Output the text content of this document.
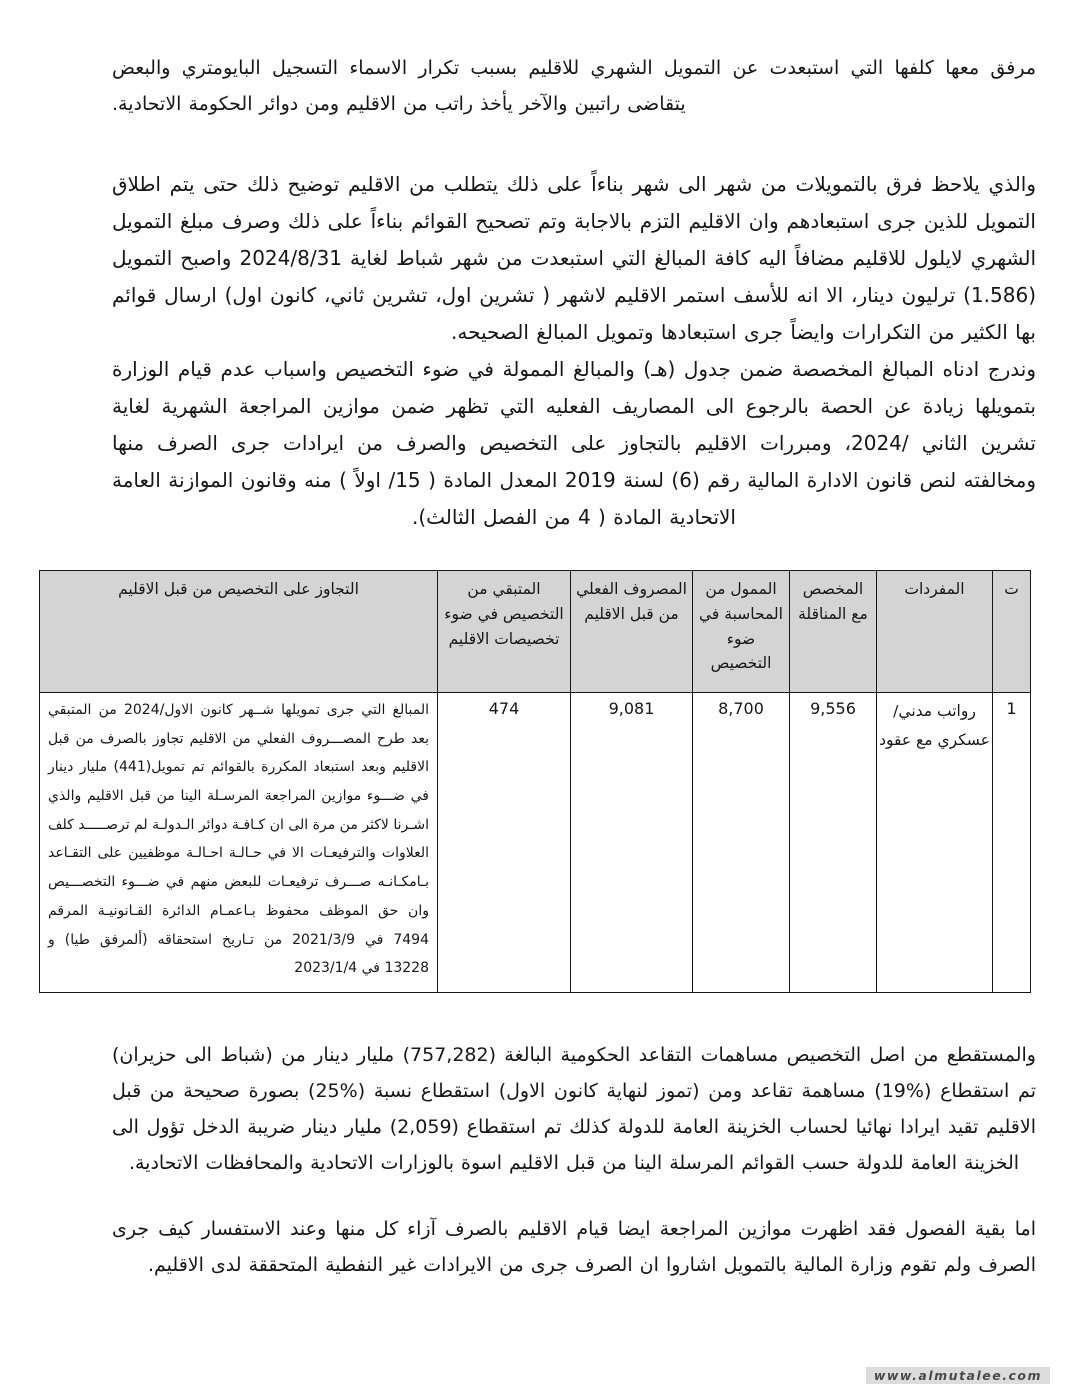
مرفق معها كلفها التي استبعدت عن التمويل الشهري للاقليم بسبب تكرار الاسماء التسجيل البايومتري والبعض يتقاضى راتبين والآخر يأخذ راتب من الاقليم ومن دوائر الحكومة الاتحادية.

والذي يلاحظ فرق بالتمويلات من شهر الى شهر بناءاً على ذلك يتطلب من الاقليم توضيح ذلك حتى يتم اطلاق التمويل للذين جرى استبعادهم وان الاقليم التزم بالاجابة وتم تصحيح القوائم بناءاً على ذلك وصرف مبلغ التمويل الشهري لايلول للاقليم مضافاً اليه كافة المبالغ التي استبعدت من شهر شباط لغاية 2024/8/31 واصبح التمويل (1.586) ترليون دينار، الا انه للأسف استمر الاقليم لاشهر ( تشرين اول، تشرين ثاني، كانون اول) ارسال قوائم بها الكثير من التكرارات وايضاً جرى استبعادها وتمويل المبالغ الصحيحه.

وندرج ادناه المبالغ المخصصة ضمن جدول (هـ) والمبالغ الممولة في ضوء التخصيص واسباب عدم قيام الوزارة بتمويلها زيادة عن الحصة بالرجوع الى المصاريف الفعليه التي تظهر ضمن موازين المراجعة الشهرية لغاية تشرين الثاني /2024، ومبررات الاقليم بالتجاوز على التخصيص والصرف من ايرادات جرى الصرف منها ومخالفته لنص قانون الادارة المالية رقم (6) لسنة 2019 المعدل المادة ( 15/ اولاً ) منه وقانون الموازنة العامة الاتحادية المادة ( 4 من الفصل الثالث).

ت	المفردات	المخصص مع المناقلة	الممول من المحاسبة في ضوء التخصيص	المصروف الفعلي من قبل الاقليم	المتبقي من التخصيص في ضوء تخصيصات الاقليم	التجاوز على التخصيص من قبل الاقليم
1	رواتب مدني/عسكري مع عقود	9,556	8,700	9,081	474	المبالغ التي جرى تمويلها شــهر كانون الاول/2024 من المتبقي بعد طرح المصـــروف الفعلي من الاقليم تجاوز بالصرف من قبل الاقليم وبعد استبعاد المكررة بالقوائم تم تمويل(441) مليار دينار في ضـــوء موازين المراجعة المرسـلة الينا من قبل الاقليم والذي اشـرنا لاكثر من مرة الى ان كـافـة دوائر الـدولـة لم ترصـــــد كلف العلاوات والترفيعـات الا في حـالـة احـالـة موظفيين على التقـاعد بـامكـانـه صـــرف ترفيعـات للبعض منهم في ضـــوء التخصـــيص وان حق الموظف محفوظ بـاعمـام الدائرة القـانونيـة المرقم 7494 في 2021/3/9 من تـاريخ استحقاقه (ألمرفق طيا) و 13228 في 2023/1/4

والمستقطع من اصل التخصيص مساهمات التقاعد الحكومية البالغة (757,282) مليار دينار من (شباط الى حزيران) تم استقطاع (%19) مساهمة تقاعد ومن (تموز لنهاية كانون الاول) استقطاع نسبة (%25) بصورة صحيحة من قبل الاقليم تقيد ايرادا نهائيا لحساب الخزينة العامة للدولة كذلك تم استقطاع (2,059) مليار دينار ضريبة الدخل تؤول الى الخزينة العامة للدولة حسب القوائم المرسلة الينا من قبل الاقليم اسوة بالوزارات الاتحادية والمحافظات الاتحادية.

اما بقية الفصول فقد اظهرت موازين المراجعة ايضا قيام الاقليم بالصرف آزاء كل منها وعند الاستفسار كيف جرى الصرف ولم تقوم وزارة المالية بالتمويل اشاروا ان الصرف جرى من الايرادات غير النفطية المتحققة لدى الاقليم.

www.almutalee.com
